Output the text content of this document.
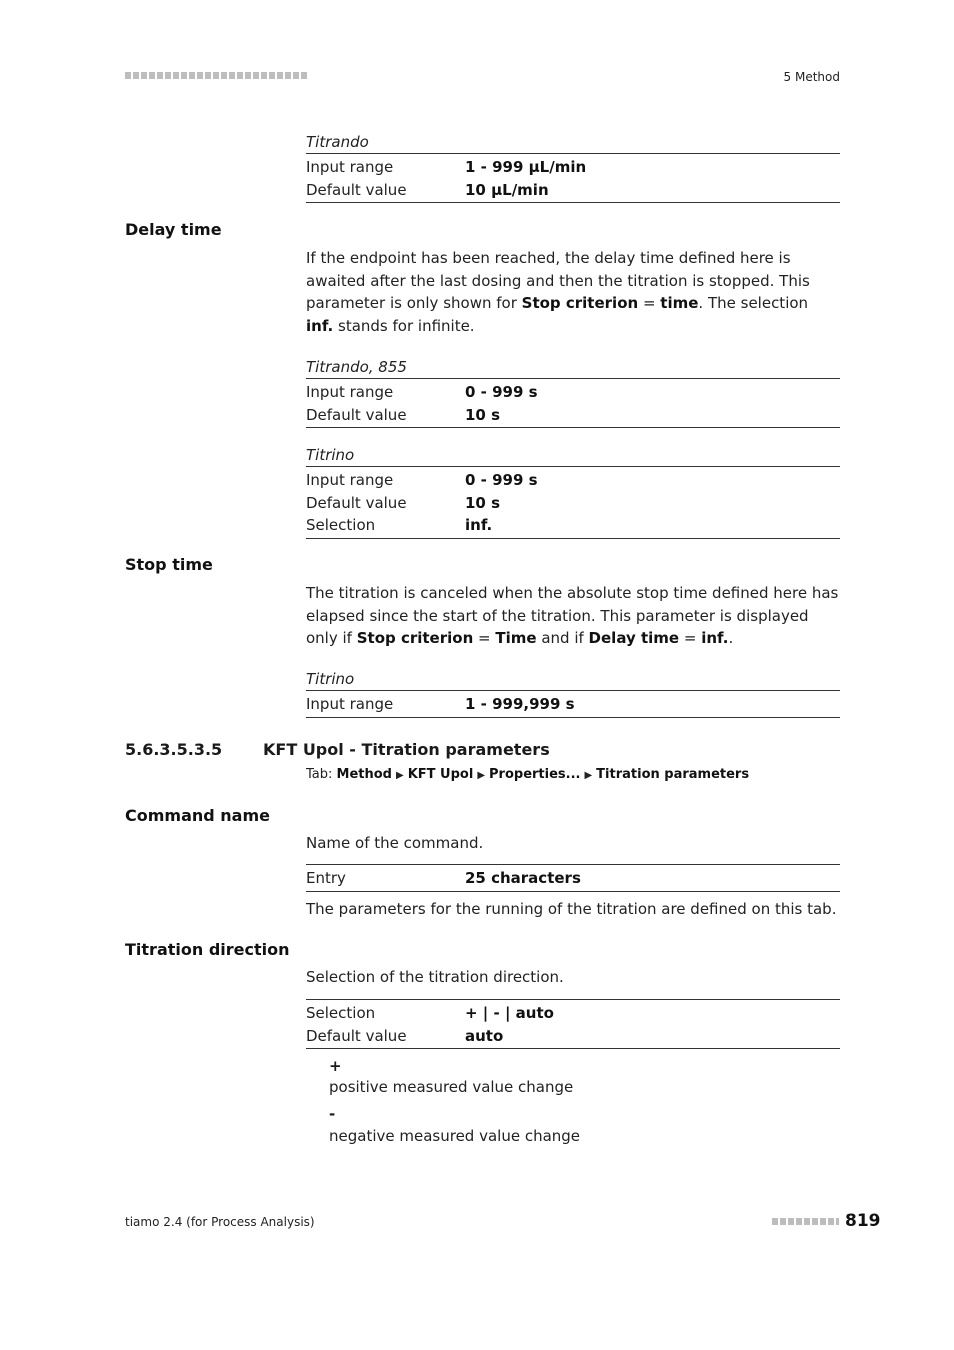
5 Method
Titrando
Input range	1 - 999 µL/min
Default value	10 µL/min
Delay time
If the endpoint has been reached, the delay time defined here is awaited after the last dosing and then the titration is stopped. This parameter is only shown for Stop criterion = time. The selection inf. stands for infinite.
Titrando, 855
Input range	0 - 999 s
Default value	10 s
Titrino
Input range	0 - 999 s
Default value	10 s
Selection	inf.
Stop time
The titration is canceled when the absolute stop time defined here has elapsed since the start of the titration. This parameter is displayed only if Stop criterion = Time and if Delay time = inf..
Titrino
Input range	1 - 999,999 s
5.6.3.5.3.5	KFT Upol - Titration parameters
Tab: Method ▶ KFT Upol ▶ Properties... ▶ Titration parameters
Command name
Name of the command.
Entry	25 characters
The parameters for the running of the titration are defined on this tab.
Titration direction
Selection of the titration direction.
Selection	+ | - | auto
Default value	auto
+
positive measured value change
-
negative measured value change
tiamo 2.4 (for Process Analysis)	819
